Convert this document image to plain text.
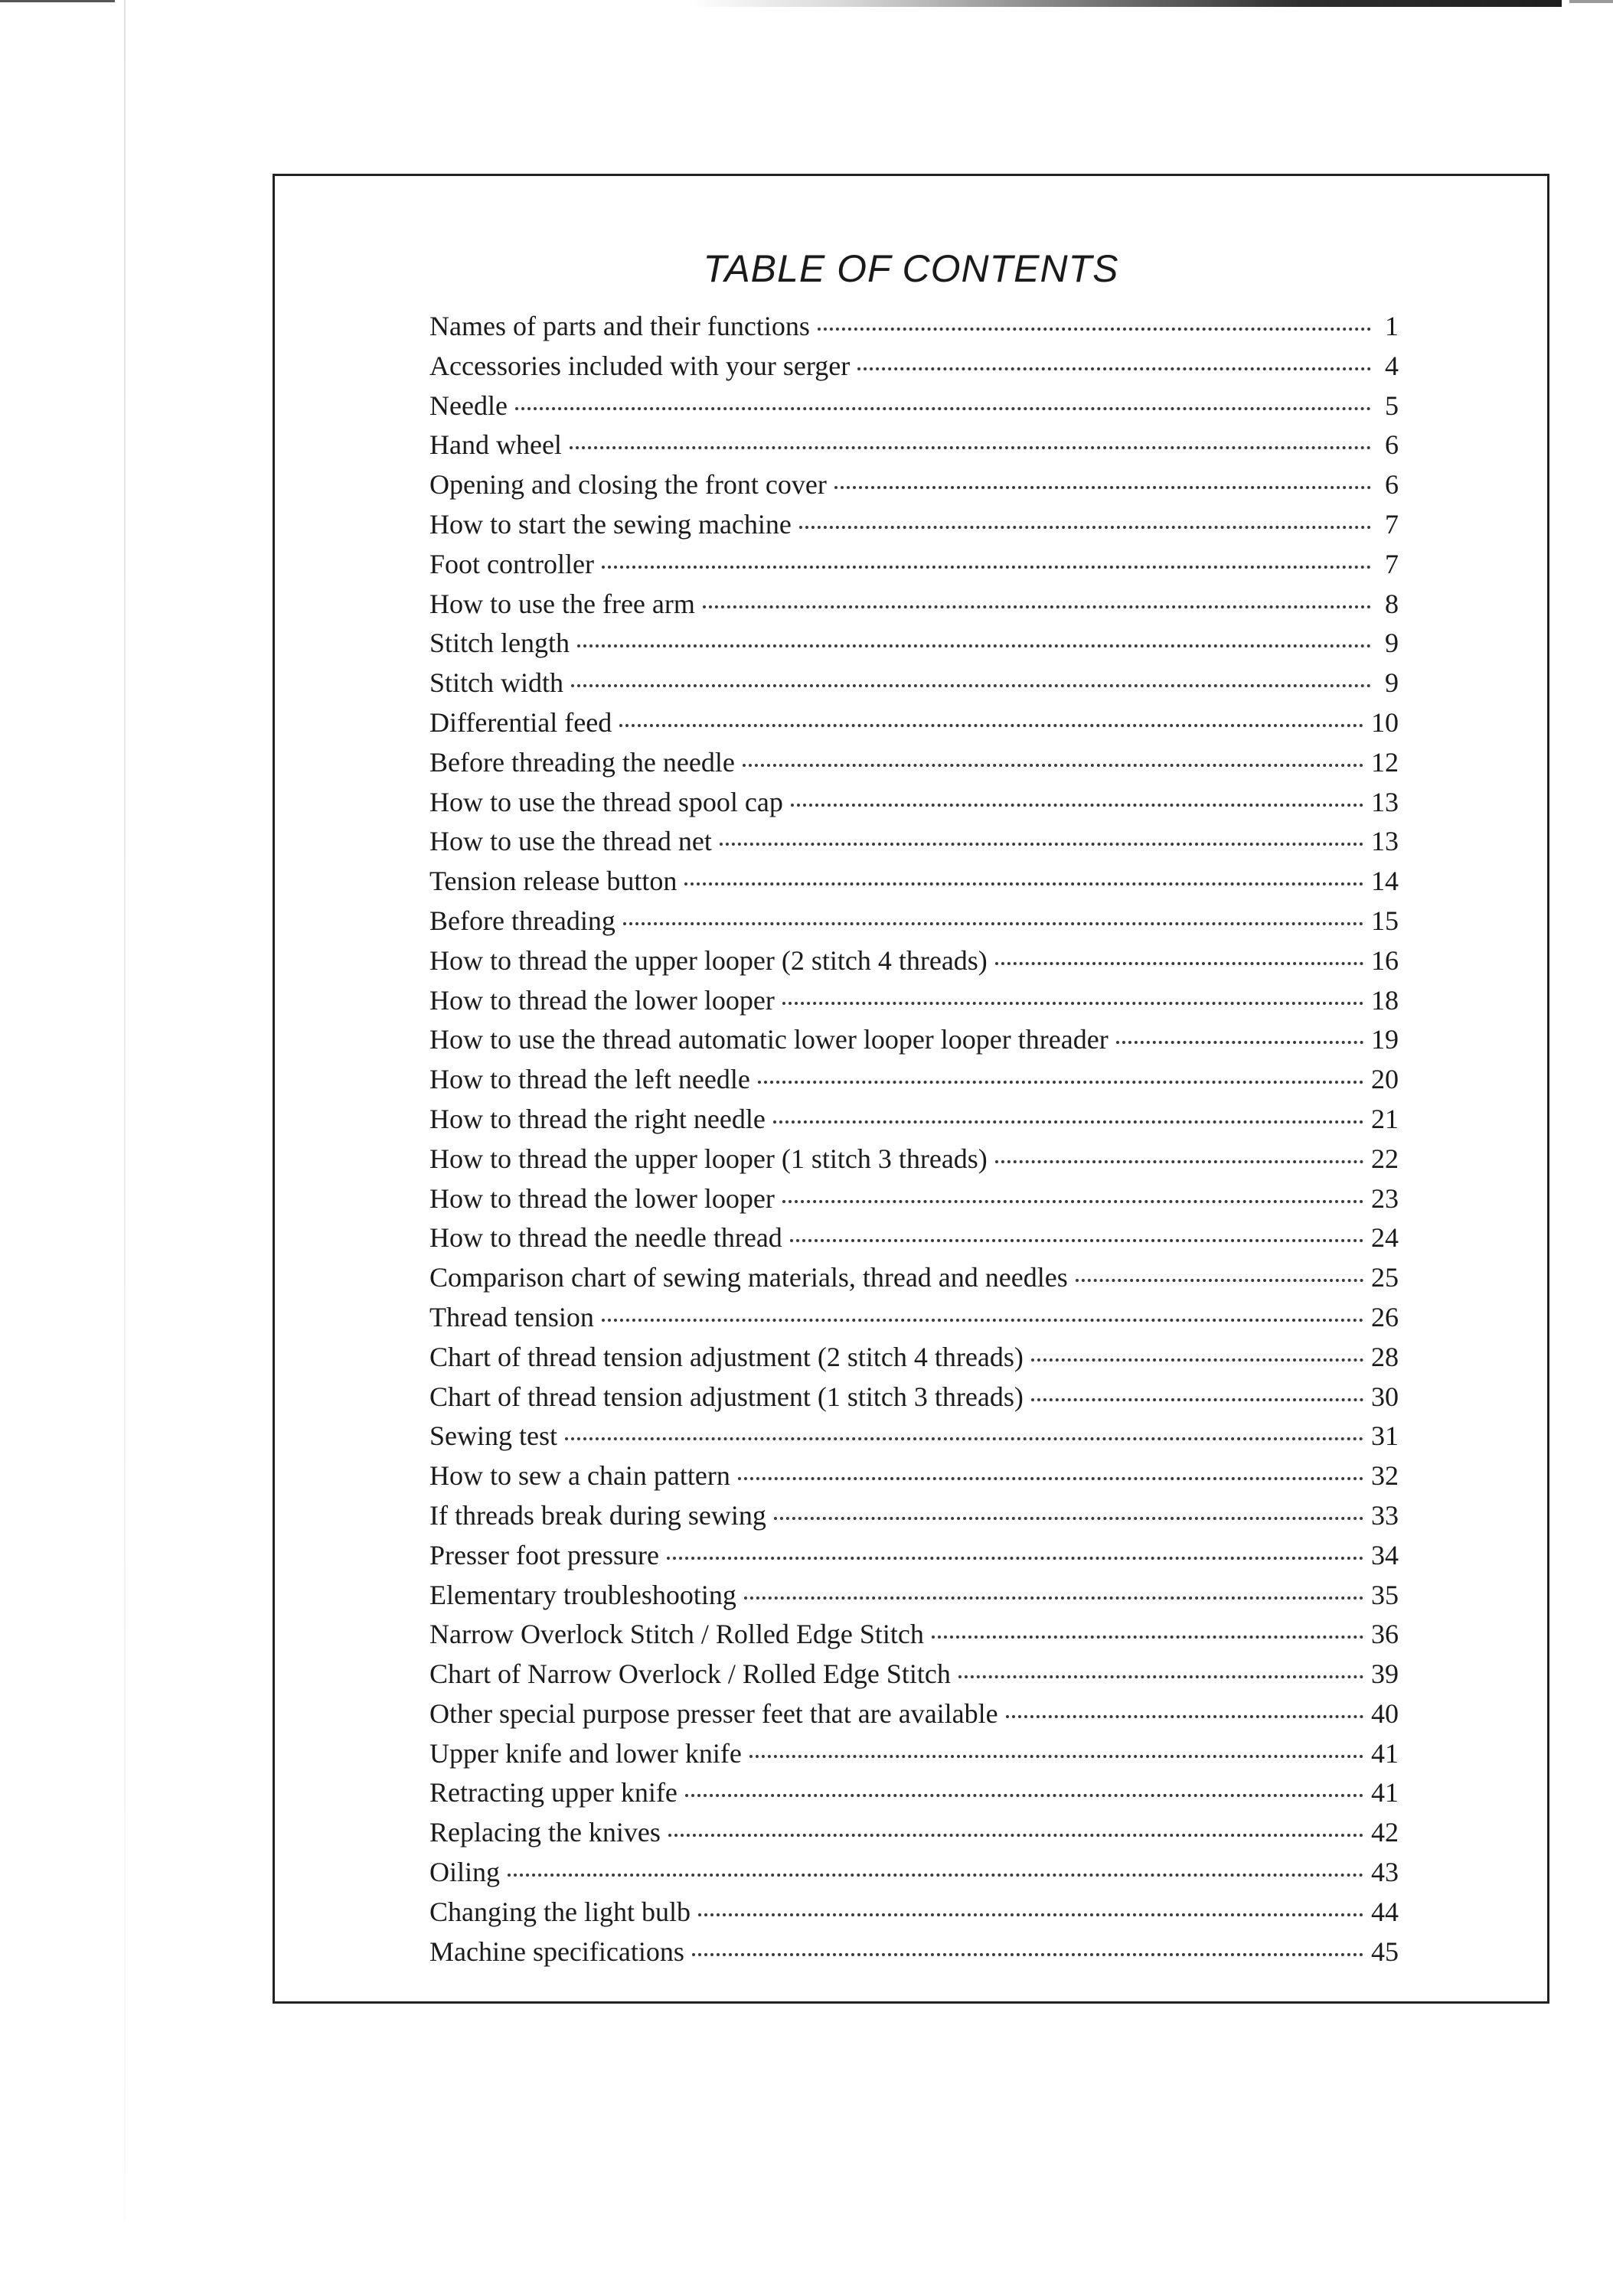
TABLE OF CONTENTS
Names of parts and their functions	1
Accessories included with your serger	4
Needle	5
Hand wheel	6
Opening and closing the front cover	6
How to start the sewing machine	7
Foot controller	7
How to use the free arm	8
Stitch length	9
Stitch width	9
Differential feed	10
Before threading the needle	12
How to use the thread spool cap	13
How to use the thread net	13
Tension release button	14
Before threading	15
How to thread the upper looper (2 stitch 4 threads)	16
How to thread the lower looper	18
How to use the thread automatic lower looper looper threader	19
How to thread the left needle	20
How to thread the right needle	21
How to thread the upper looper (1 stitch 3 threads)	22
How to thread the lower looper	23
How to thread the needle thread	24
Comparison chart of sewing materials, thread and needles	25
Thread tension	26
Chart of thread tension adjustment (2 stitch 4 threads)	28
Chart of thread tension adjustment (1 stitch 3 threads)	30
Sewing test	31
How to sew a chain pattern	32
If threads break during sewing	33
Presser foot pressure	34
Elementary troubleshooting	35
Narrow Overlock Stitch / Rolled Edge Stitch	36
Chart of Narrow Overlock / Rolled Edge Stitch	39
Other special purpose presser feet that are available	40
Upper knife and lower knife	41
Retracting upper knife	41
Replacing the knives	42
Oiling	43
Changing the light bulb	44
Machine specifications	45
